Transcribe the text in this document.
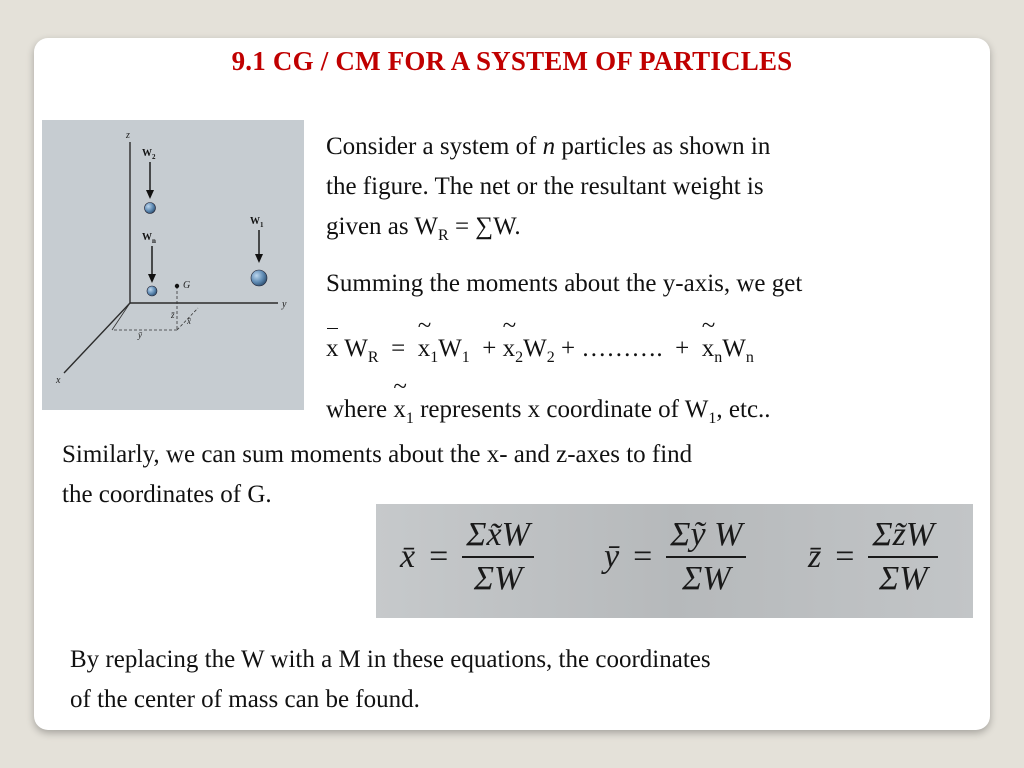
9.1 CG / CM FOR A SYSTEM OF PARTICLES
z
y
x
$W_2$
$W_n$
$W_1$
G
z̄
x̄
ȳ
Consider a system of n particles as shown in
the figure. The net or the resultant weight is
given as $W_R = \sum W$.
Summing the moments about the y-axis, we get
x $W_R$  =  ~ $x_1W_1$  + ~ $x_2W_2$ + ……….  +  ~ $x_nW_n$
where ~ $x_1$ represents x coordinate of $W_1$, etc..
Similarly, we can sum moments about the x- and z-axes to find
the coordinates of G.
x̄ = $\frac{\Sigma x̃W}{\Sigma W}$ ȳ = $\frac{\text{Σỹ W}}{\Sigma W}$ z̄ = $\frac{\Sigma z̃W}{\Sigma W}$
By replacing the W with a M in these equations, the coordinates
of the center of mass can be found.
